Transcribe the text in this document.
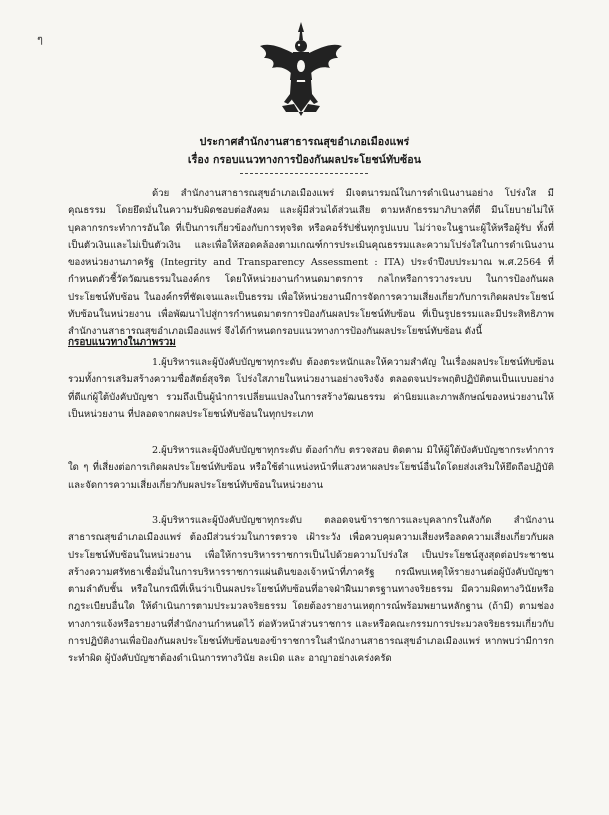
ๆ
ประกาศสำนักงานสาธารณสุขอำเภอเมืองแพร่
เรื่อง กรอบแนวทางการป้องกันผลประโยชน์ทับซ้อน
ด้วย สำนักงานสาธารณสุขอำเภอเมืองแพร่ มีเจตนารมณ์ในการดำเนินงานอย่าง โปร่งใส มีคุณธรรม โดยยึดมั่นในความรับผิดชอบต่อสังคม และผู้มีส่วนได้ส่วนเสีย ตามหลักธรรมาภิบาลที่ดี มีนโยบายไม่ให้บุคลากรกระทำการอันใด ที่เป็นการเกี่ยวข้องกับการทุจริต หรือคอร์รัปชั่นทุกรูปแบบ ไม่ว่าจะในฐานะผู้ให้หรือผู้รับ ทั้งที่เป็นตัวเงินและไม่เป็นตัวเงิน และเพื่อให้สอดคล้องตามเกณฑ์การประเมินคุณธรรมและความโปร่งใสในการดำเนินงานของหน่วยงานภาครัฐ (Integrity and Transparency Assessment : ITA) ประจำปีงบประมาณ พ.ศ.2564 ที่กำหนดตัวชี้วัดวัฒนธรรมในองค์กร โดยให้หน่วยงานกำหนดมาตรการ กลไกหรือการวางระบบ ในการป้องกันผลประโยชน์ทับซ้อน ในองค์กรที่ชัดเจนและเป็นธรรม เพื่อให้หน่วยงานมีการจัดการความเสี่ยงเกี่ยวกับการเกิดผลประโยชน์ทับซ้อนในหน่วยงาน เพื่อพัฒนาไปสู่การกำหนดมาตรการป้องกันผลประโยชน์ทับซ้อน ที่เป็นรูปธรรมและมีประสิทธิภาพ สำนักงานสาธารณสุขอำเภอเมืองแพร่ จึงได้กำหนดกรอบแนวทางการป้องกันผลประโยชน์ทับซ้อน ดังนี้
กรอบแนวทางในภาพรวม
1.ผู้บริหารและผู้บังคับบัญชาทุกระดับ ต้องตระหนักและให้ความสำคัญ ในเรื่องผลประโยชน์ทับซ้อน รวมทั้งการเสริมสร้างความซื่อสัตย์สุจริต โปร่งใสภายในหน่วยงานอย่างจริงจัง ตลอดจนประพฤติปฏิบัติตนเป็นแบบอย่างที่ดีแก่ผู้ใต้บังคับบัญชา รวมถึงเป็นผู้นำการเปลี่ยนแปลงในการสร้างวัฒนธรรม ค่านิยมและภาพลักษณ์ของหน่วยงานให้เป็นหน่วยงาน ที่ปลอดจากผลประโยชน์ทับซ้อนในทุกประเภท
2.ผู้บริหารและผู้บังคับบัญชาทุกระดับ ต้องกำกับ ตรวจสอบ ติดตาม มิให้ผู้ใต้บังคับบัญชากระทำการใด ๆ ที่เสี่ยงต่อการเกิดผลประโยชน์ทับซ้อน หรือใช้ตำแหน่งหน้าที่แสวงหาผลประโยชน์อื่นใดโดยส่งเสริมให้ยึดถือปฏิบัติ และจัดการความเสี่ยงเกี่ยวกับผลประโยชน์ทับซ้อนในหน่วยงาน
3.ผู้บริหารและผู้บังคับบัญชาทุกระดับ ตลอดจนข้าราชการและบุคลากรในสังกัด สำนักงานสาธารณสุขอำเภอเมืองแพร่ ต้องมีส่วนร่วมในการตรวจ เฝ้าระวัง เพื่อควบคุมความเสี่ยงหรือลดความเสี่ยงเกี่ยวกับผลประโยชน์ทับซ้อนในหน่วยงาน เพื่อให้การบริหารราชการเป็นไปด้วยความโปร่งใส เป็นประโยชน์สูงสุดต่อประชาชน สร้างความศรัทธาเชื่อมั่นในการบริหารราชการแผ่นดินของเจ้าหน้าที่ภาครัฐ กรณีพบเหตุให้รายงานต่อผู้บังคับบัญชาตามลำดับชั้น หรือในกรณีที่เห็นว่าเป็นผลประโยชน์ทับซ้อนที่อาจฝ่าฝืนมาตรฐานทางจริยธรรม มีความผิดทางวินัยหรือกฎระเบียบอื่นใด ให้ดำเนินการตามประมวลจริยธรรม โดยต้องรายงานเหตุการณ์พร้อมพยานหลักฐาน (ถ้ามี) ตามช่องทางการแจ้งหรือรายงานที่สำนักงานกำหนดไว้ ต่อหัวหน้าส่วนราชการ และหรือคณะกรรมการประมวลจริยธรรมเกี่ยวกับการปฏิบัติงานเพื่อป้องกันผลประโยชน์ทับซ้อนของข้าราชการในสำนักงานสาธารณสุขอำเภอเมืองแพร่ หากพบว่ามีการกระทำผิด ผู้บังคับบัญชาต้องดำเนินการทางวินัย ละเมิด และ อาญาอย่างเคร่งครัด
